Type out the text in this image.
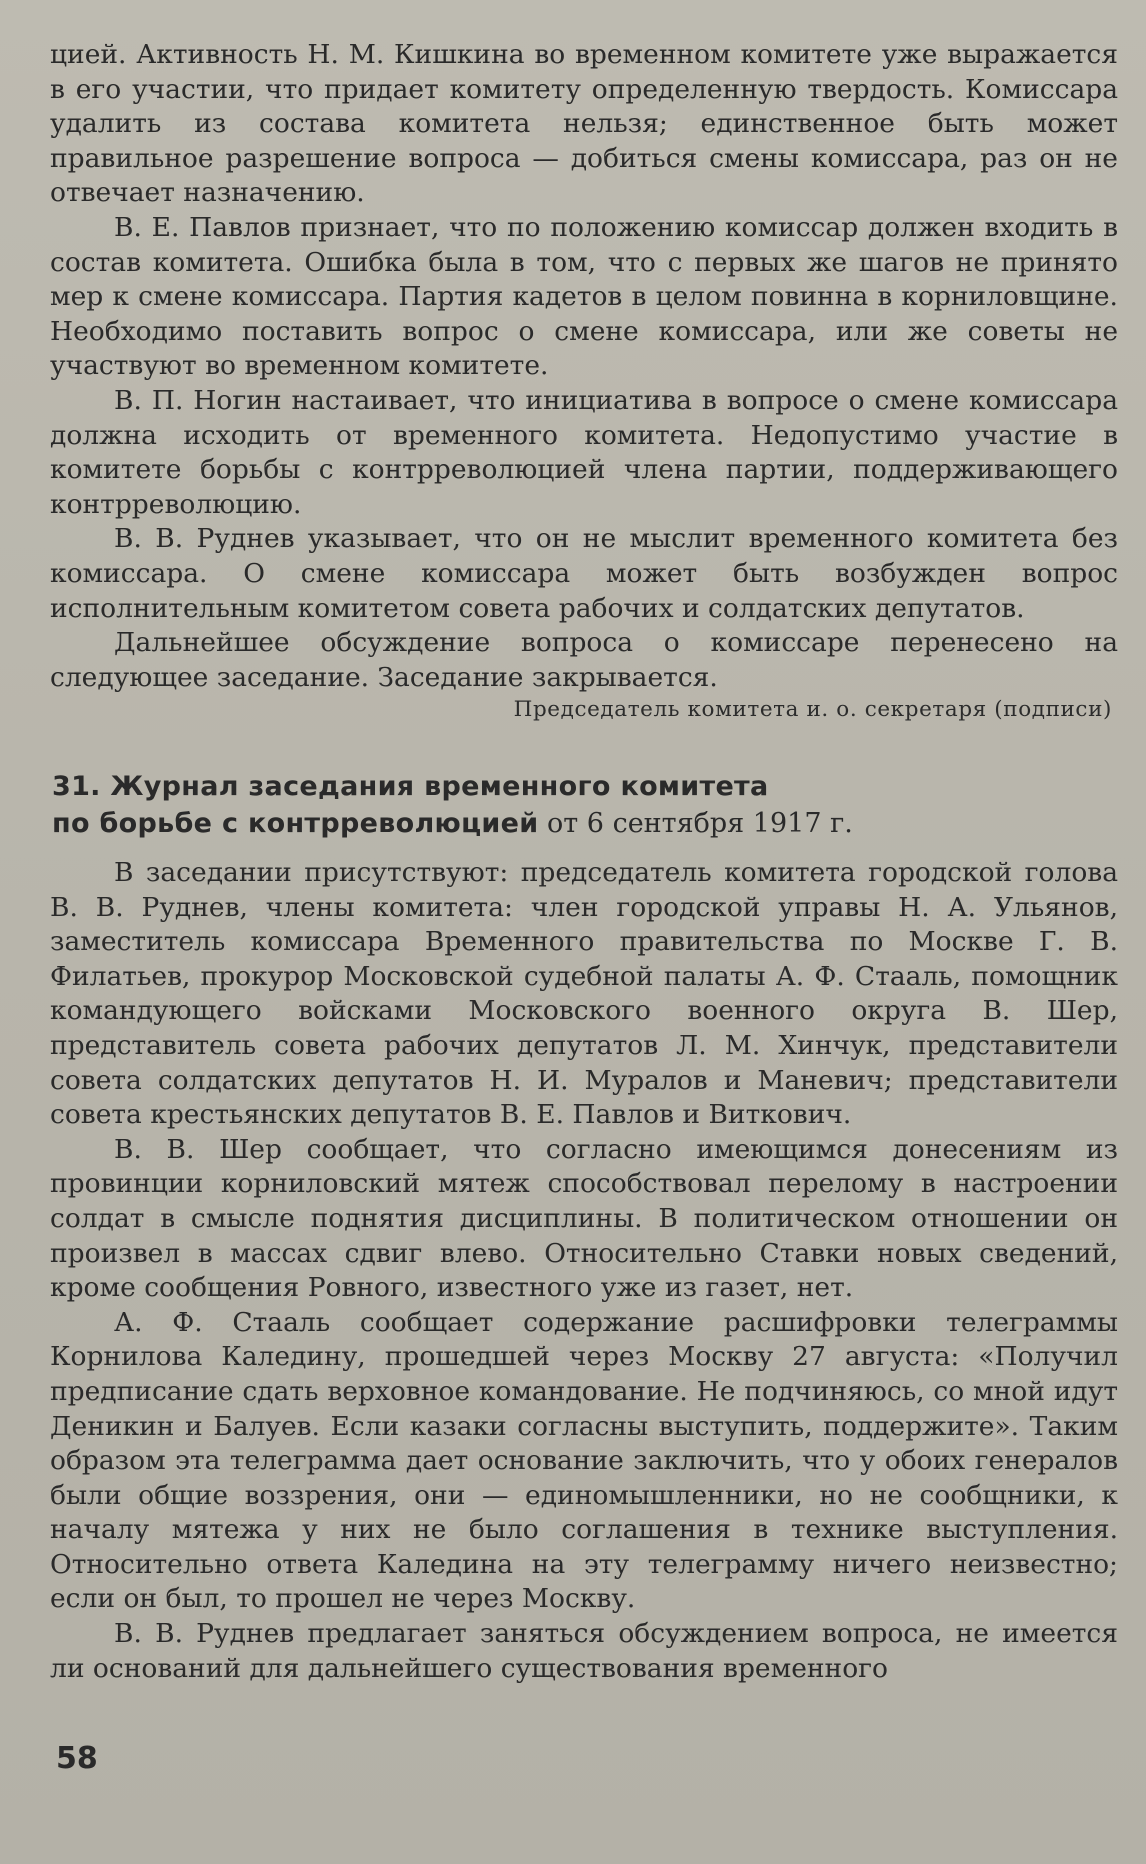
цией. Активность Н. М. Кишкина во временном комитете уже выражается в его участии, что придает комитету определенную твердость. Комиссара удалить из состава комитета нельзя; единственное быть может правильное разрешение вопроса — добиться смены комиссара, раз он не отвечает назначению.

В. Е. Павлов признает, что по положению комиссар должен входить в состав комитета. Ошибка была в том, что с первых же шагов не принято мер к смене комиссара. Партия кадетов в целом повинна в корниловщине. Необходимо поставить вопрос о смене комиссара, или же советы не участвуют во временном комитете.

В. П. Ногин настаивает, что инициатива в вопросе о смене комиссара должна исходить от временного комитета. Недопустимо участие в комитете борьбы с контрреволюцией члена партии, поддерживающего контрреволюцию.

В. В. Руднев указывает, что он не мыслит временного комитета без комиссара. О смене комиссара может быть возбужден вопрос исполнительным комитетом совета рабочих и солдатских депутатов.

Дальнейшее обсуждение вопроса о комиссаре перенесено на следующее заседание. Заседание закрывается.

Председатель комитета и. о. секретаря (подписи)
31. Журнал заседания временного комитета
по борьбе с контрреволюцией от 6 сентября 1917 г.

В заседании присутствуют: председатель комитета городской голова В. В. Руднев, члены комитета: член городской управы Н. А. Ульянов, заместитель комиссара Временного правительства по Москве Г. В. Филатьев, прокурор Московской судебной палаты А. Ф. Стааль, помощник командующего войсками Московского военного округа В. Шер, представитель совета рабочих депутатов Л. М. Хинчук, представители совета солдатских депутатов Н. И. Муралов и Маневич; представители совета крестьянских депутатов В. Е. Павлов и Виткович.

В. В. Шер сообщает, что согласно имеющимся донесениям из провинции корниловский мятеж способствовал перелому в настроении солдат в смысле поднятия дисциплины. В политическом отношении он произвел в массах сдвиг влево. Относительно Ставки новых сведений, кроме сообщения Ровного, известного уже из газет, нет.

А. Ф. Стааль сообщает содержание расшифровки телеграммы Корнилова Каледину, прошедшей через Москву 27 августа: «Получил предписание сдать верховное командование. Не подчиняюсь, со мной идут Деникин и Балуев. Если казаки согласны выступить, поддержите». Таким образом эта телеграмма дает основание заключить, что у обоих генералов были общие воззрения, они — единомышленники, но не сообщники, к началу мятежа у них не было соглашения в технике выступления. Относительно ответа Каледина на эту телеграмму ничего неизвестно; если он был, то прошел не через Москву.

В. В. Руднев предлагает заняться обсуждением вопроса, не имеется ли оснований для дальнейшего существования временного

58
